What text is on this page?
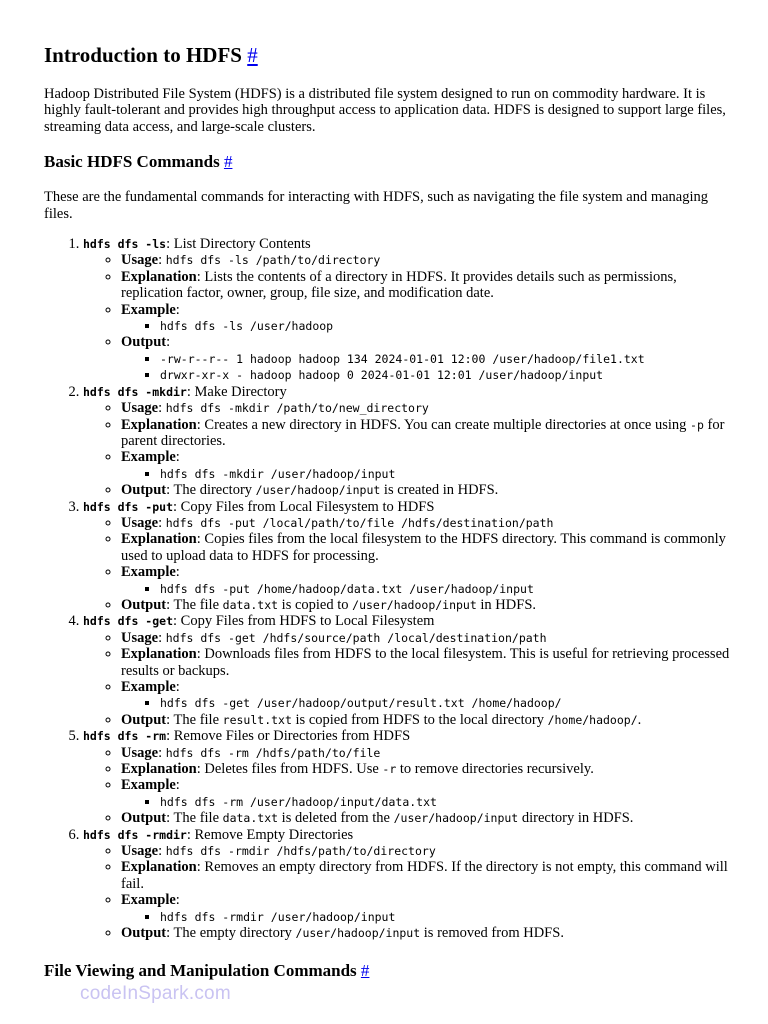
Introduction to HDFS #

Hadoop Distributed File System (HDFS) is a distributed file system designed to run on commodity hardware. It is highly fault-tolerant and provides high throughput access to application data. HDFS is designed to support large files, streaming data access, and large-scale clusters.

Basic HDFS Commands #

These are the fundamental commands for interacting with HDFS, such as navigating the file system and managing files.

1. hdfs dfs -ls: List Directory Contents
◦ Usage: hdfs dfs -ls /path/to/directory
◦ Explanation: Lists the contents of a directory in HDFS. It provides details such as permissions, replication factor, owner, group, file size, and modification date.
◦ Example:
▪ hdfs dfs -ls /user/hadoop
◦ Output:
▪ -rw-r--r-- 1 hadoop hadoop 134 2024-01-01 12:00 /user/hadoop/file1.txt
▪ drwxr-xr-x - hadoop hadoop 0 2024-01-01 12:01 /user/hadoop/input
2. hdfs dfs -mkdir: Make Directory
◦ Usage: hdfs dfs -mkdir /path/to/new_directory
◦ Explanation: Creates a new directory in HDFS. You can create multiple directories at once using -p for parent directories.
◦ Example:
▪ hdfs dfs -mkdir /user/hadoop/input
◦ Output: The directory /user/hadoop/input is created in HDFS.
3. hdfs dfs -put: Copy Files from Local Filesystem to HDFS
◦ Usage: hdfs dfs -put /local/path/to/file /hdfs/destination/path
◦ Explanation: Copies files from the local filesystem to the HDFS directory. This command is commonly used to upload data to HDFS for processing.
◦ Example:
▪ hdfs dfs -put /home/hadoop/data.txt /user/hadoop/input
◦ Output: The file data.txt is copied to /user/hadoop/input in HDFS.
4. hdfs dfs -get: Copy Files from HDFS to Local Filesystem
◦ Usage: hdfs dfs -get /hdfs/source/path /local/destination/path
◦ Explanation: Downloads files from HDFS to the local filesystem. This is useful for retrieving processed results or backups.
◦ Example:
▪ hdfs dfs -get /user/hadoop/output/result.txt /home/hadoop/
◦ Output: The file result.txt is copied from HDFS to the local directory /home/hadoop/.
5. hdfs dfs -rm: Remove Files or Directories from HDFS
◦ Usage: hdfs dfs -rm /hdfs/path/to/file
◦ Explanation: Deletes files from HDFS. Use -r to remove directories recursively.
◦ Example:
▪ hdfs dfs -rm /user/hadoop/input/data.txt
◦ Output: The file data.txt is deleted from the /user/hadoop/input directory in HDFS.
6. hdfs dfs -rmdir: Remove Empty Directories
◦ Usage: hdfs dfs -rmdir /hdfs/path/to/directory
◦ Explanation: Removes an empty directory from HDFS. If the directory is not empty, this command will fail.
◦ Example:
▪ hdfs dfs -rmdir /user/hadoop/input
◦ Output: The empty directory /user/hadoop/input is removed from HDFS.
File Viewing and Manipulation Commands #
codeInSpark.com
